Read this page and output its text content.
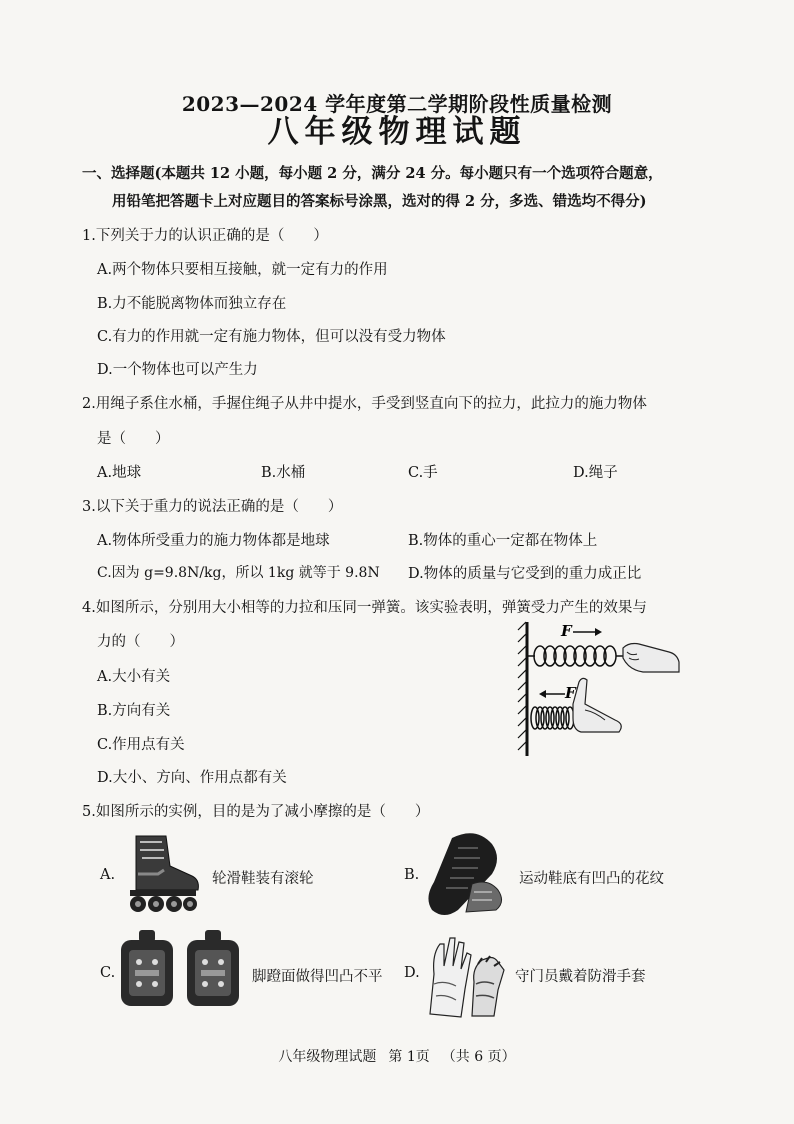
2023—2024 学年度第二学期阶段性质量检测
八年级物理试题
一、选择题(本题共 12 小题，每小题 2 分，满分 24 分。每小题只有一个选项符合题意，
用铅笔把答题卡上对应题目的答案标号涂黑，选对的得 2 分，多选、错选均不得分)
1.下列关于力的认识正确的是（　　）
A.两个物体只要相互接触，就一定有力的作用
B.力不能脱离物体而独立存在
C.有力的作用就一定有施力物体，但可以没有受力物体
D.一个物体也可以产生力
2.用绳子系住水桶，手握住绳子从井中提水，手受到竖直向下的拉力，此拉力的施力物体
是（　　）
A.地球	B.水桶	C.手	D.绳子
3.以下关于重力的说法正确的是（　　）
A.物体所受重力的施力物体都是地球	B.物体的重心一定都在物体上
C.因为 g=9.8N/kg，所以 1kg 就等于 9.8N D.物体的质量与它受到的重力成正比
4.如图所示，分别用大小相等的力拉和压同一弹簧。该实验表明，弹簧受力产生的效果与
力的（　　）
A.大小有关
B.方向有关
C.作用点有关
D.大小、方向、作用点都有关
F
F
5.如图所示的实例，目的是为了减小摩擦的是（　　）
A.	轮滑鞋装有滚轮	B.	运动鞋底有凹凸的花纹
C.	脚蹬面做得凹凸不平 D.	守门员戴着防滑手套
八年级物理试题 第 1页 （共 6 页）
